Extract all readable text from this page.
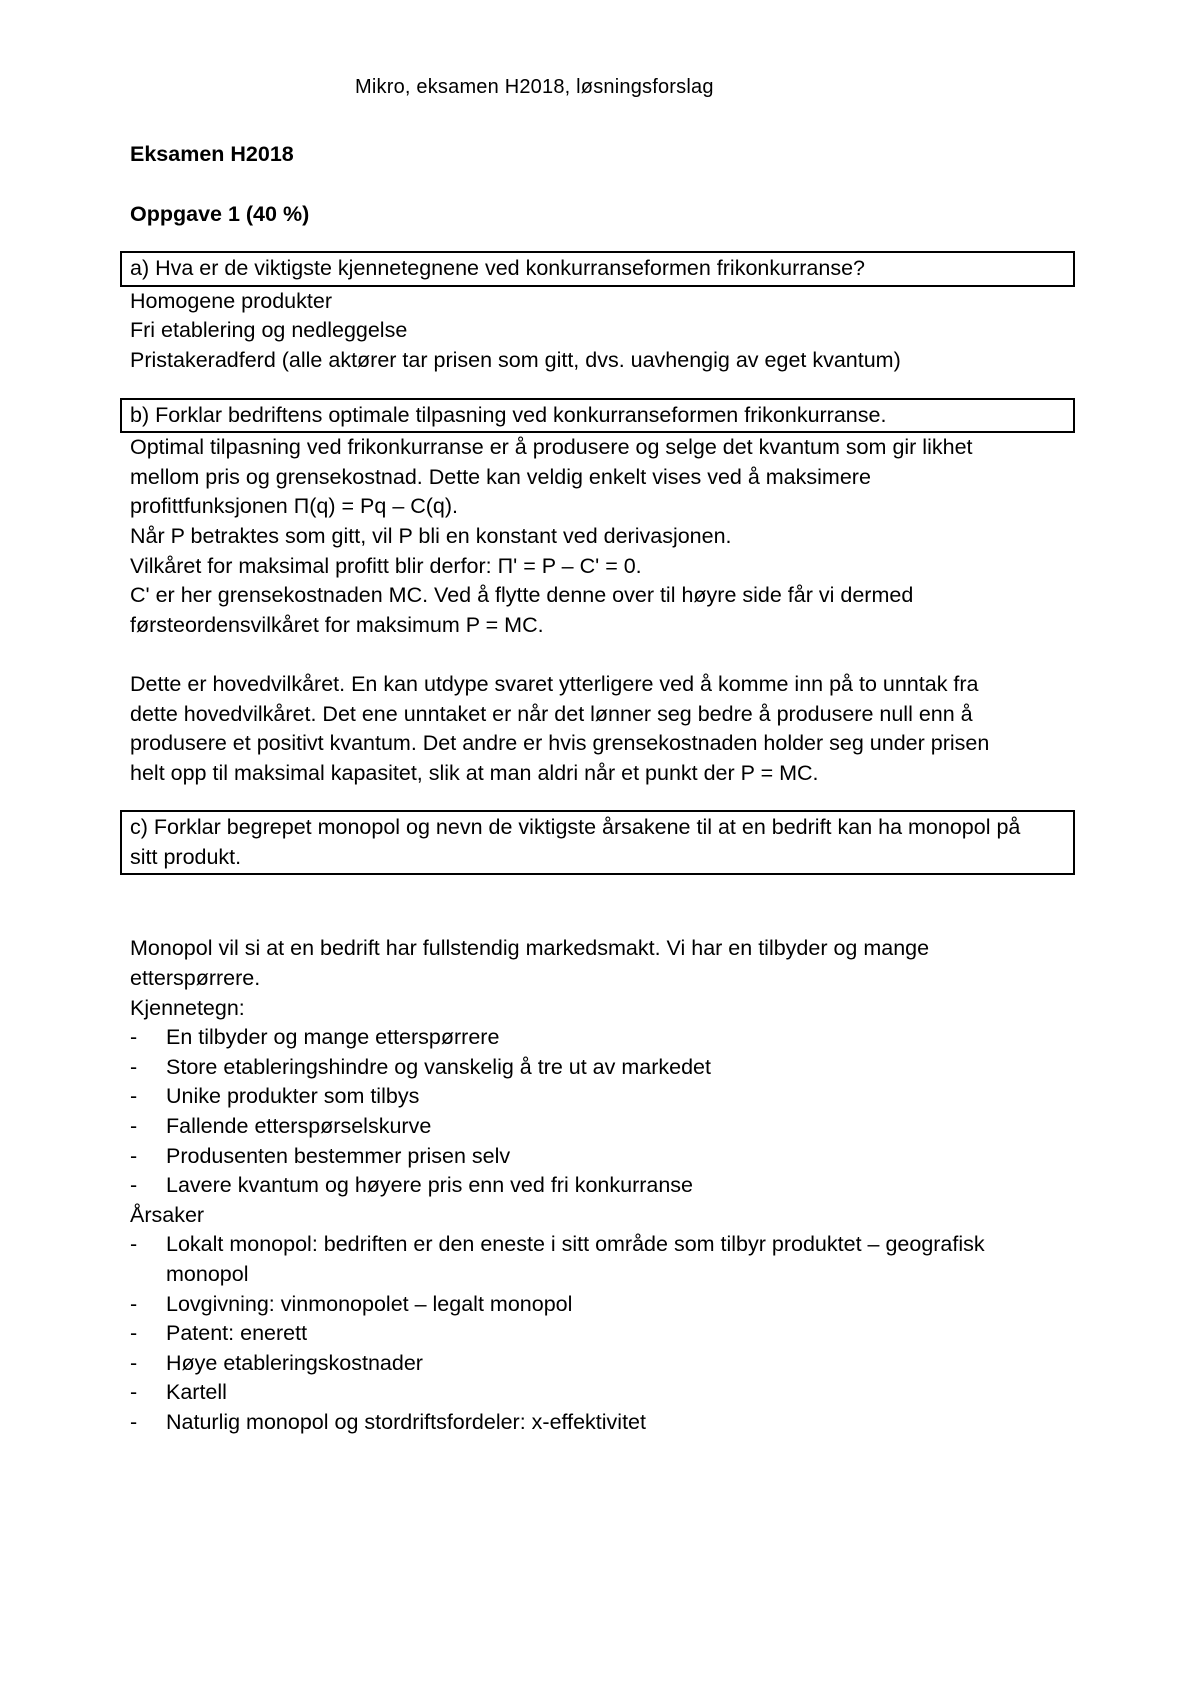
Mikro, eksamen H2018, løsningsforslag

Eksamen H2018

Oppgave 1 (40 %)

a) Hva er de viktigste kjennetegnene ved konkurranseformen frikonkurranse?

Homogene produkter

Fri etablering og nedleggelse

Pristakeradferd (alle aktører tar prisen som gitt, dvs. uavhengig av eget kvantum)

b) Forklar bedriftens optimale tilpasning ved konkurranseformen frikonkurranse.

Optimal tilpasning ved frikonkurranse er å produsere og selge det kvantum som gir likhet

mellom pris og grensekostnad. Dette kan veldig enkelt vises ved å maksimere

profittfunksjonen Π(q) = Pq – C(q).

Når P betraktes som gitt, vil P bli en konstant ved derivasjonen.

Vilkåret for maksimal profitt blir derfor: Π' = P – C' = 0.

C' er her grensekostnaden MC. Ved å flytte denne over til høyre side får vi dermed

førsteordensvilkåret for maksimum P = MC.

Dette er hovedvilkåret. En kan utdype svaret ytterligere ved å komme inn på to unntak fra

dette hovedvilkåret. Det ene unntaket er når det lønner seg bedre å produsere null enn å

produsere et positivt kvantum. Det andre er hvis grensekostnaden holder seg under prisen

helt opp til maksimal kapasitet, slik at man aldri når et punkt der P = MC.

c) Forklar begrepet monopol og nevn de viktigste årsakene til at en bedrift kan ha monopol på
sitt produkt.

Monopol vil si at en bedrift har fullstendig markedsmakt. Vi har en tilbyder og mange

etterspørrere.

Kjennetegn:

- En tilbyder og mange etterspørrere
- Store etableringshindre og vanskelig å tre ut av markedet
- Unike produkter som tilbys
- Fallende etterspørselskurve
- Produsenten bestemmer prisen selv
- Lavere kvantum og høyere pris enn ved fri konkurranse

Årsaker

- Lokalt monopol: bedriften er den eneste i sitt område som tilbyr produktet – geografisk monopol
- Lovgivning: vinmonopolet – legalt monopol
- Patent: enerett
- Høye etableringskostnader
- Kartell
- Naturlig monopol og stordriftsfordeler: x-effektivitet
